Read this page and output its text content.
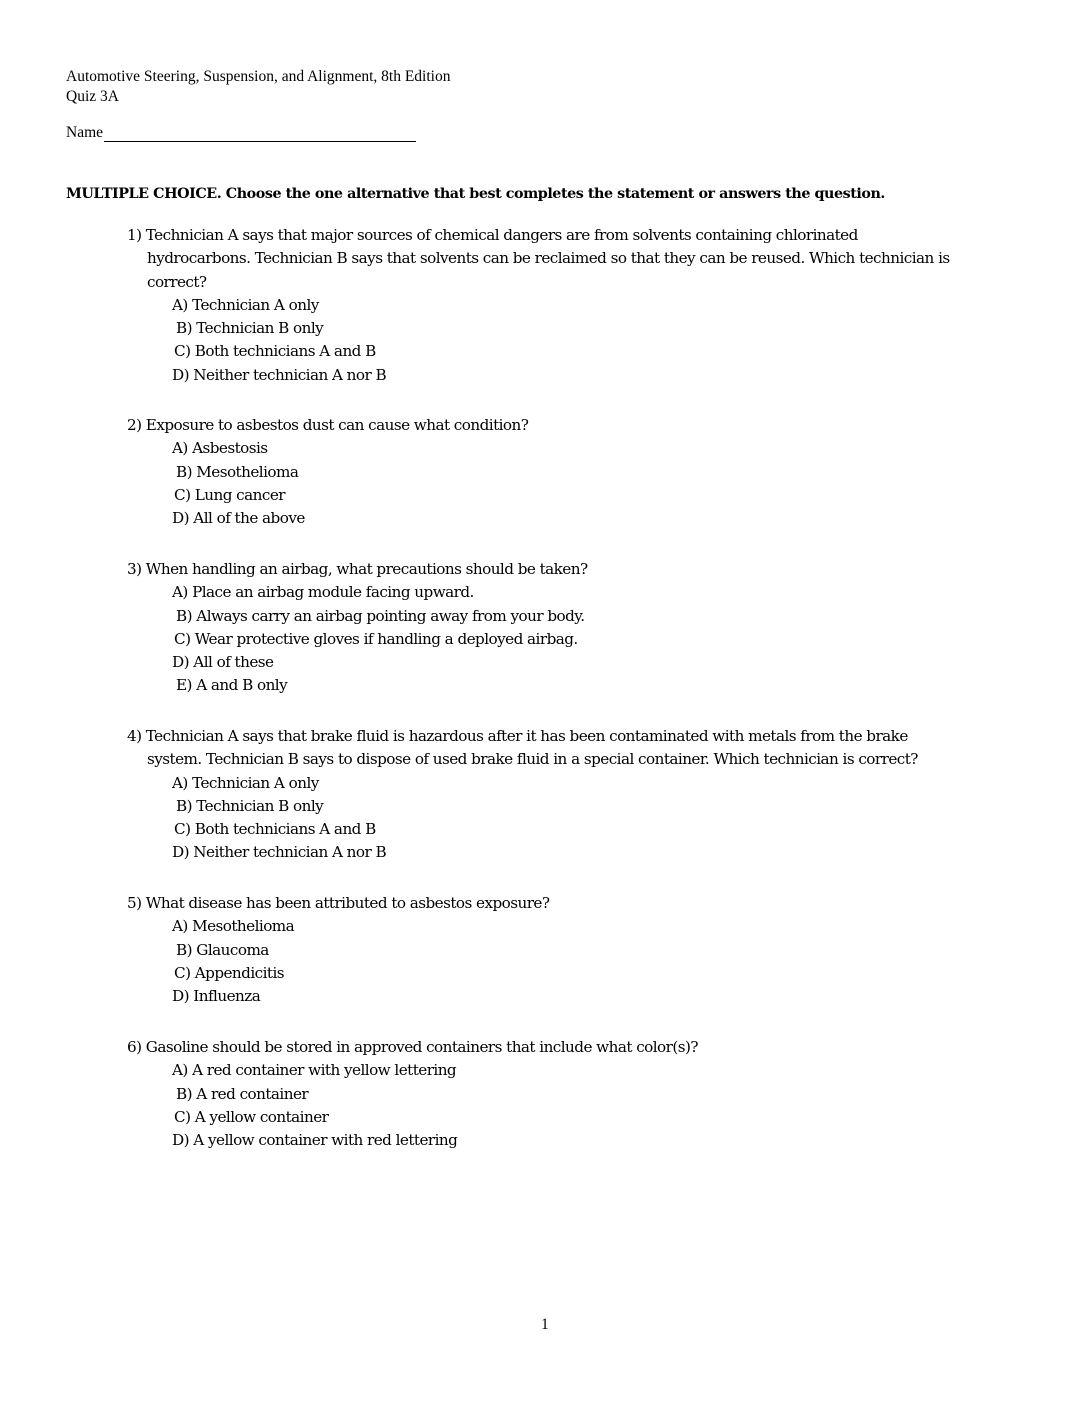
Automotive Steering, Suspension, and Alignment, 8th Edition
Quiz 3A
Name
MULTIPLE CHOICE. Choose the one alternative that best completes the statement or answers the question.
1) Technician A says that major sources of chemical dangers are from solvents containing chlorinated
hydrocarbons. Technician B says that solvents can be reclaimed so that they can be reused. Which technician is
correct?
A) Technician A only
B) Technician B only
C) Both technicians A and B
D) Neither technician A nor B
2) Exposure to asbestos dust can cause what condition?
A) Asbestosis
B) Mesothelioma
C) Lung cancer
D) All of the above
3) When handling an airbag, what precautions should be taken?
A) Place an airbag module facing upward.
B) Always carry an airbag pointing away from your body.
C) Wear protective gloves if handling a deployed airbag.
D) All of these
E) A and B only
4) Technician A says that brake fluid is hazardous after it has been contaminated with metals from the brake
system. Technician B says to dispose of used brake fluid in a special container. Which technician is correct?
A) Technician A only
B) Technician B only
C) Both technicians A and B
D) Neither technician A nor B
5) What disease has been attributed to asbestos exposure?
A) Mesothelioma
B) Glaucoma
C) Appendicitis
D) Influenza
6) Gasoline should be stored in approved containers that include what color(s)?
A) A red container with yellow lettering
B) A red container
C) A yellow container
D) A yellow container with red lettering
1
